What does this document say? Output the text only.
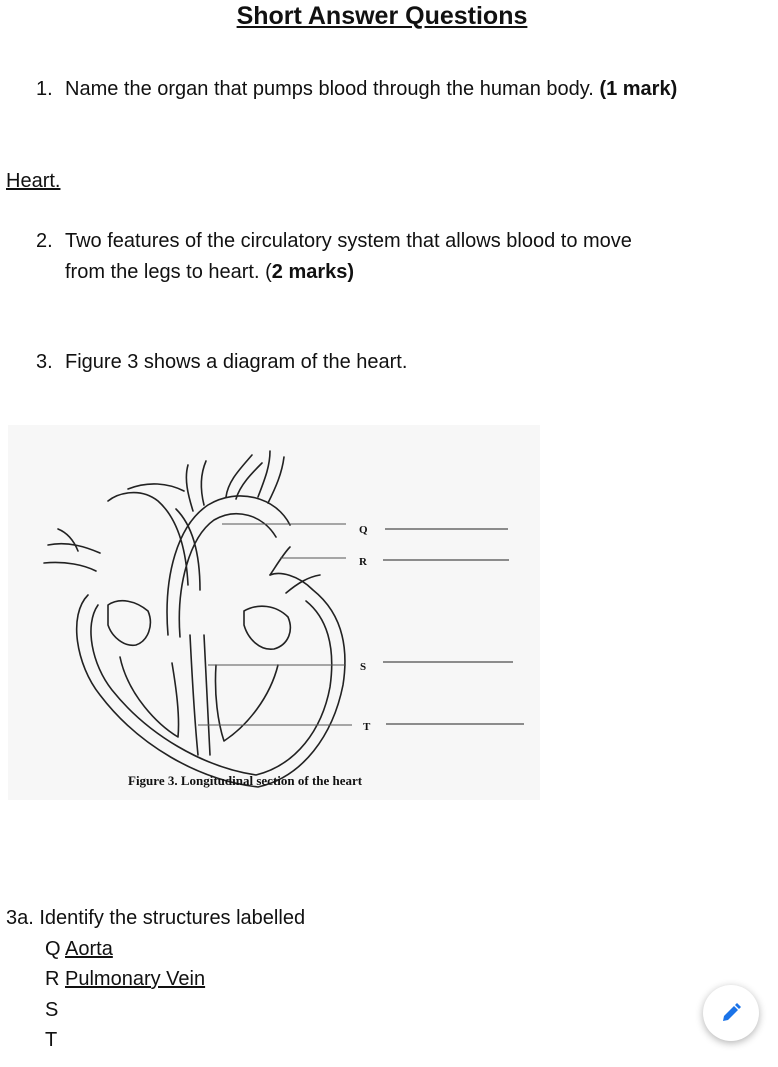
Short Answer Questions
1. Name the organ that pumps blood through the human body. (1 mark)
Heart.
2. Two features of the circulatory system that allows blood to move
from the legs to heart. (2 marks)
3. Figure 3 shows a diagram of the heart.
Q
R
S
T
Figure 3. Longitudinal section of the heart
3a. Identify the structures labelled
Q Aorta
R Pulmonary Vein
S
T
